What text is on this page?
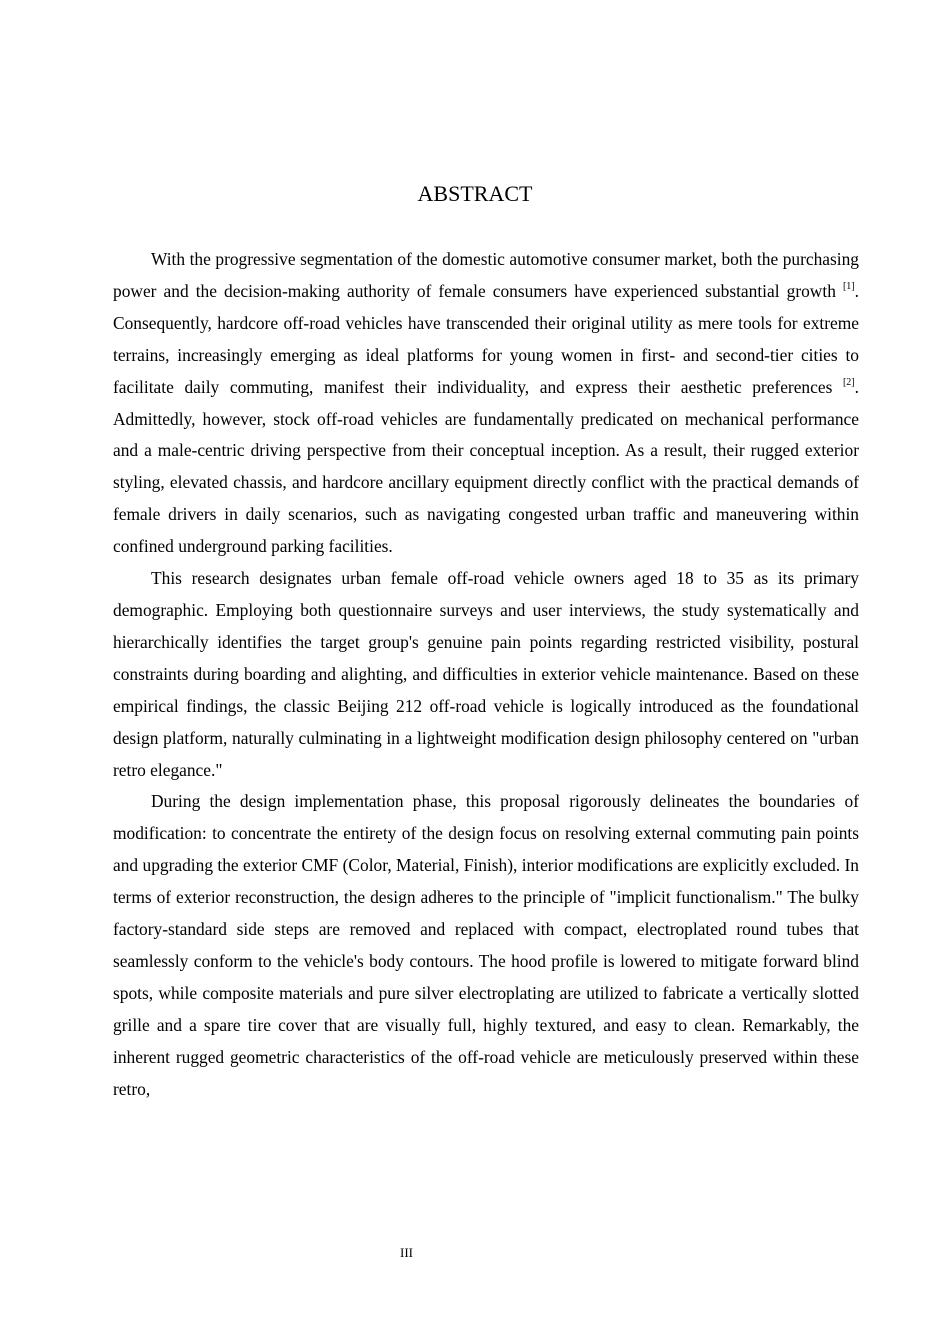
ABSTRACT

With the progressive segmentation of the domestic automotive consumer market, both the purchasing power and the decision-making authority of female consumers have experienced substantial growth [1]. Consequently, hardcore off-road vehicles have transcended their original utility as mere tools for extreme terrains, increasingly emerging as ideal platforms for young women in first- and second-tier cities to facilitate daily commuting, manifest their individuality, and express their aesthetic preferences [2]. Admittedly, however, stock off-road vehicles are fundamentally predicated on mechanical performance and a male-centric driving perspective from their conceptual inception. As a result, their rugged exterior styling, elevated chassis, and hardcore ancillary equipment directly conflict with the practical demands of female drivers in daily scenarios, such as navigating congested urban traffic and maneuvering within confined underground parking facilities.

This research designates urban female off-road vehicle owners aged 18 to 35 as its primary demographic. Employing both questionnaire surveys and user interviews, the study systematically and hierarchically identifies the target group's genuine pain points regarding restricted visibility, postural constraints during boarding and alighting, and difficulties in exterior vehicle maintenance. Based on these empirical findings, the classic Beijing 212 off-road vehicle is logically introduced as the foundational design platform, naturally culminating in a lightweight modification design philosophy centered on "urban retro elegance."

During the design implementation phase, this proposal rigorously delineates the boundaries of modification: to concentrate the entirety of the design focus on resolving external commuting pain points and upgrading the exterior CMF (Color, Material, Finish), interior modifications are explicitly excluded. In terms of exterior reconstruction, the design adheres to the principle of "implicit functionalism." The bulky factory-standard side steps are removed and replaced with compact, electroplated round tubes that seamlessly conform to the vehicle's body contours. The hood profile is lowered to mitigate forward blind spots, while composite materials and pure silver electroplating are utilized to fabricate a vertically slotted grille and a spare tire cover that are visually full, highly textured, and easy to clean. Remarkably, the inherent rugged geometric characteristics of the off-road vehicle are meticulously preserved within these retro,

III
